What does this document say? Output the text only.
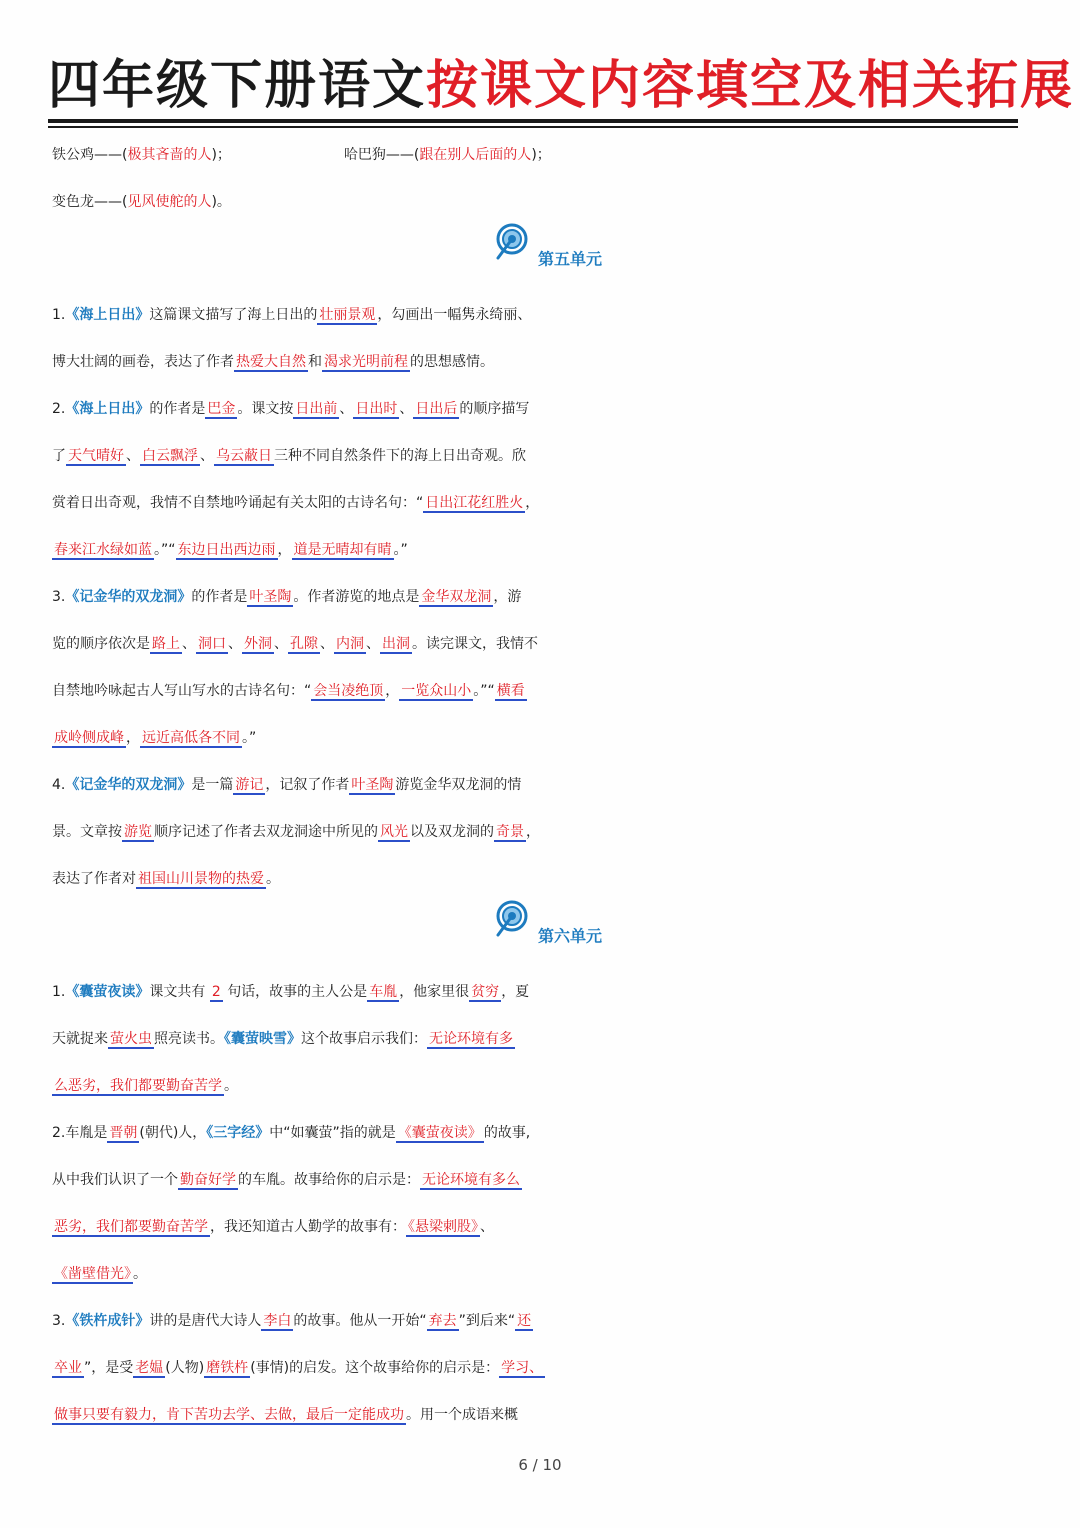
四年级下册语文按课文内容填空及相关拓展
铁公鸡——(极其吝啬的人)；	哈巴狗——(跟在别人后面的人)；
变色龙——(见风使舵的人)。
第五单元
1.《海上日出》这篇课文描写了海上日出的 壮丽景观 ，勾画出一幅隽永绮丽、
博大壮阔的画卷，表达了作者 热爱大自然 和 渴求光明前程 的思想感情。
2.《海上日出》的作者是 巴金 。课文按 日出前 、 日出时 、 日出后 的顺序描写
了 天气晴好 、 白云飘浮 、 乌云蔽日 三种不同自然条件下的海上日出奇观。欣
赏着日出奇观，我情不自禁地吟诵起有关太阳的古诗名句：“ 日出江花红胜火 ，
春来江水绿如蓝 。”“ 东边日出西边雨 ， 道是无晴却有晴 。”
3.《记金华的双龙洞》的作者是 叶圣陶 。作者游览的地点是 金华双龙洞 ，游
览的顺序依次是 路上 、 洞口 、 外洞 、 孔隙 、 内洞 、 出洞 。读完课文，我情不
自禁地吟咏起古人写山写水的古诗名句：“ 会当凌绝顶 ， 一览众山小 。”“ 横看
成岭侧成峰 ， 远近高低各不同 。”
4.《记金华的双龙洞》是一篇 游记 ，记叙了作者 叶圣陶 游览金华双龙洞的情
景。文章按 游览 顺序记述了作者去双龙洞途中所见的 风光 以及双龙洞的 奇景 ，
表达了作者对 祖国山川景物的热爱 。
第六单元
1.《囊萤夜读》课文共有 2 句话，故事的主人公是 车胤 ，他家里很 贫穷 ，夏
天就捉来 萤火虫 照亮读书。《囊萤映雪》这个故事启示我们： 无论环境有多
么恶劣，我们都要勤奋苦学 。
2.车胤是 晋朝 (朝代)人，《三字经》中“如囊萤”指的就是 《囊萤夜读》 的故事,
从中我们认识了一个 勤奋好学 的车胤。故事给你的启示是： 无论环境有多么
恶劣，我们都要勤奋苦学 ，我还知道古人勤学的故事有： 《悬梁刺股》 、
《凿壁借光》 。
3.《铁杵成针》讲的是唐代大诗人 李白 的故事。他从一开始“ 弃去 ”到后来“ 还
卒业 ”，是受 老媪 (人物) 磨铁杵 (事情)的启发。这个故事给你的启示是： 学习、
做事只要有毅力，肯下苦功去学、去做，最后一定能成功 。用一个成语来概
6 / 10
